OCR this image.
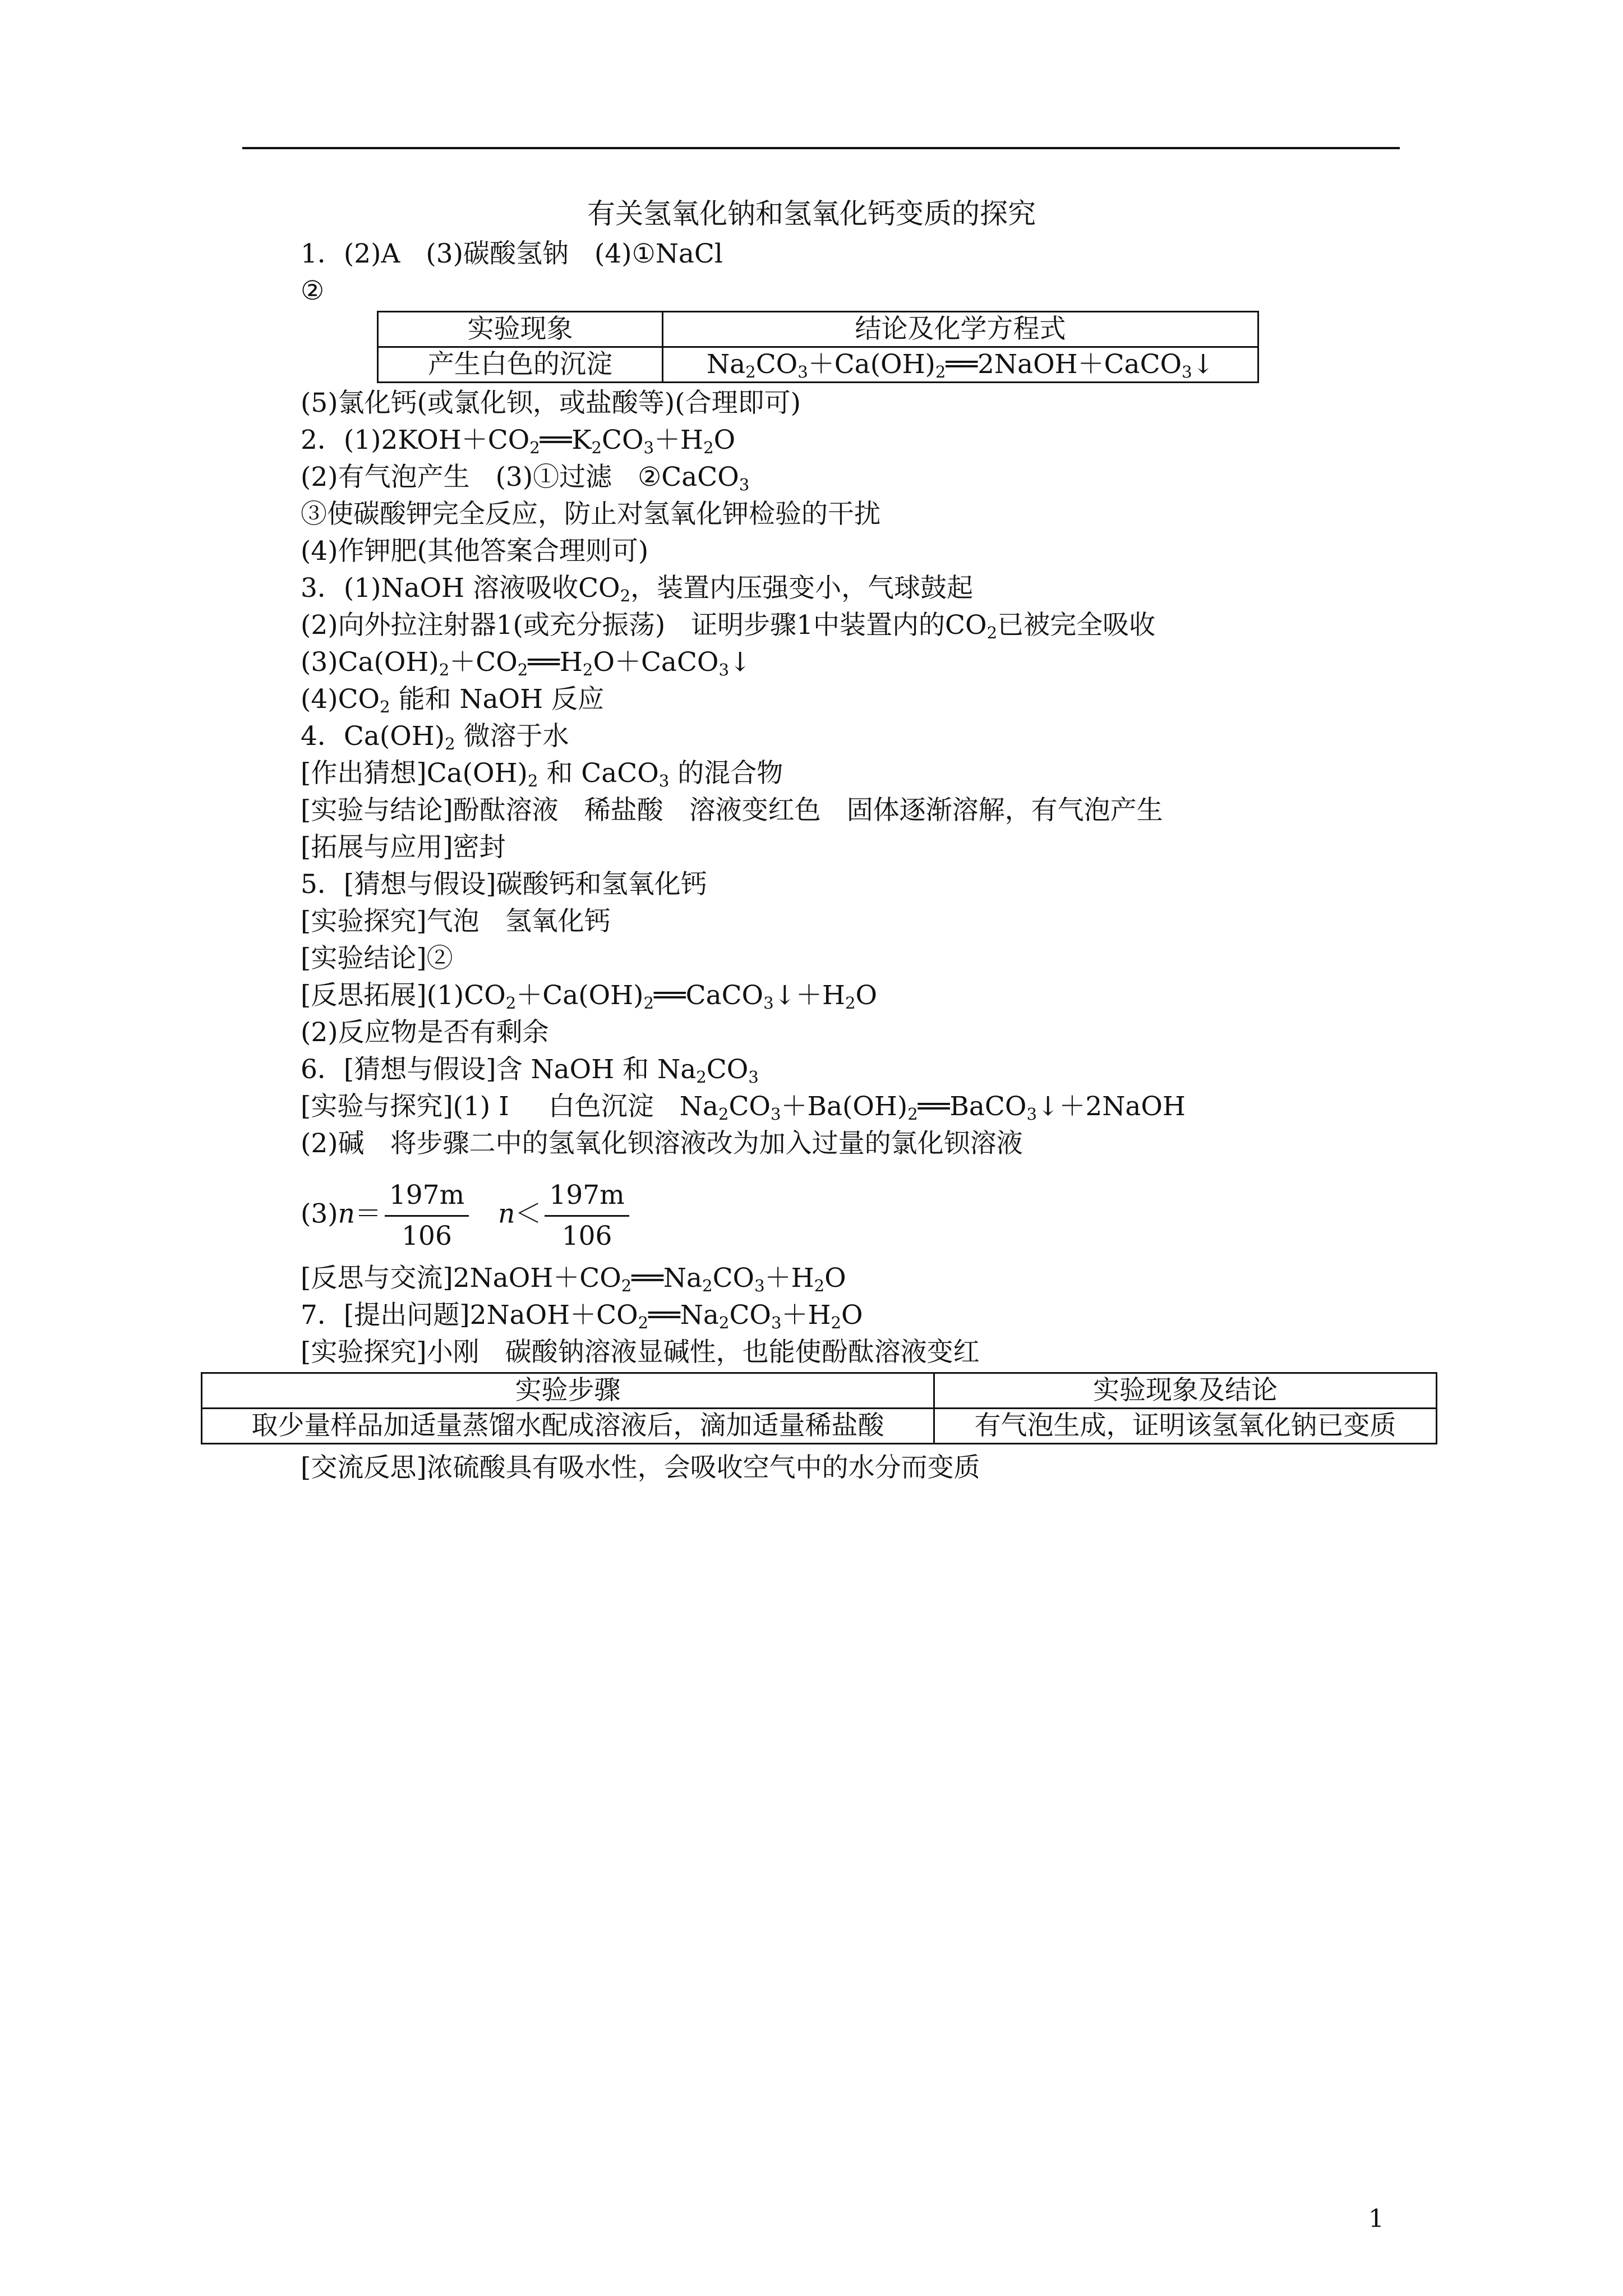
有关氢氧化钠和氢氧化钙变质的探究
1．(2)A (3)碳酸氢钠 (4)①NaCl
②
实验现象	结论及化学方程式
产生白色的沉淀	$Na_2CO_3+Ca(OH)_2══2NaOH+CaCO_3↓$
(5)氯化钙(或氯化钡，或盐酸等)(合理即可)
2．$(1)2KOH+CO_2══K_2CO_3+H_2O$
(2)有气泡产生 (3)①过滤 ②CaCO$_3$
③使碳酸钾完全反应，防止对氢氧化钾检验的干扰
(4)作钾肥(其他答案合理则可)
3．(1)NaOH 溶液吸收$CO_2$，装置内压强变小，气球鼓起
(2)向外拉注射器1(或充分振荡) 证明步骤1中装置内的$CO_2$已被完全吸收
$(3)Ca(OH)_2+CO_2══H_2O+CaCO_3↓$
$(4)CO_2$ 能和 NaOH 反应
4．$Ca(OH)_2$ 微溶于水
[作出猜想]$Ca(OH)_2$ 和 CaCO$_3$ 的混合物
[实验与结论]酚酞溶液 稀盐酸 溶液变红色 固体逐渐溶解，有气泡产生
[拓展与应用]密封
5．[猜想与假设]碳酸钙和氢氧化钙
[实验探究]气泡 氢氧化钙
[实验结论]②
[反思拓展]$(1)CO_2+Ca(OH)_2══CaCO_3↓+H_2O$
(2)反应物是否有剩余
6．[猜想与假设]含 NaOH 和 $Na_2CO_3$
[实验与探究](1) Ⅰ 白色沉淀 $Na_2CO_3+Ba(OH)_2══BaCO_3↓+2NaOH$
(2)碱 将步骤二中的氢氧化钡溶液改为加入过量的氯化钡溶液
$(3)n= \frac{197m}{106} n< \frac{197m}{106}$
[反思与交流]$2NaOH+CO_2══Na_2CO_3+H_2O$
7．[提出问题]$2NaOH+CO_2══Na_2CO_3+H_2O$
[实验探究]小刚 碳酸钠溶液显碱性，也能使酚酞溶液变红
实验步骤	实验现象及结论
取少量样品加适量蒸馏水配成溶液后，滴加适量稀盐酸	有气泡生成，证明该氢氧化钠已变质
[交流反思]浓硫酸具有吸水性，会吸收空气中的水分而变质
1
